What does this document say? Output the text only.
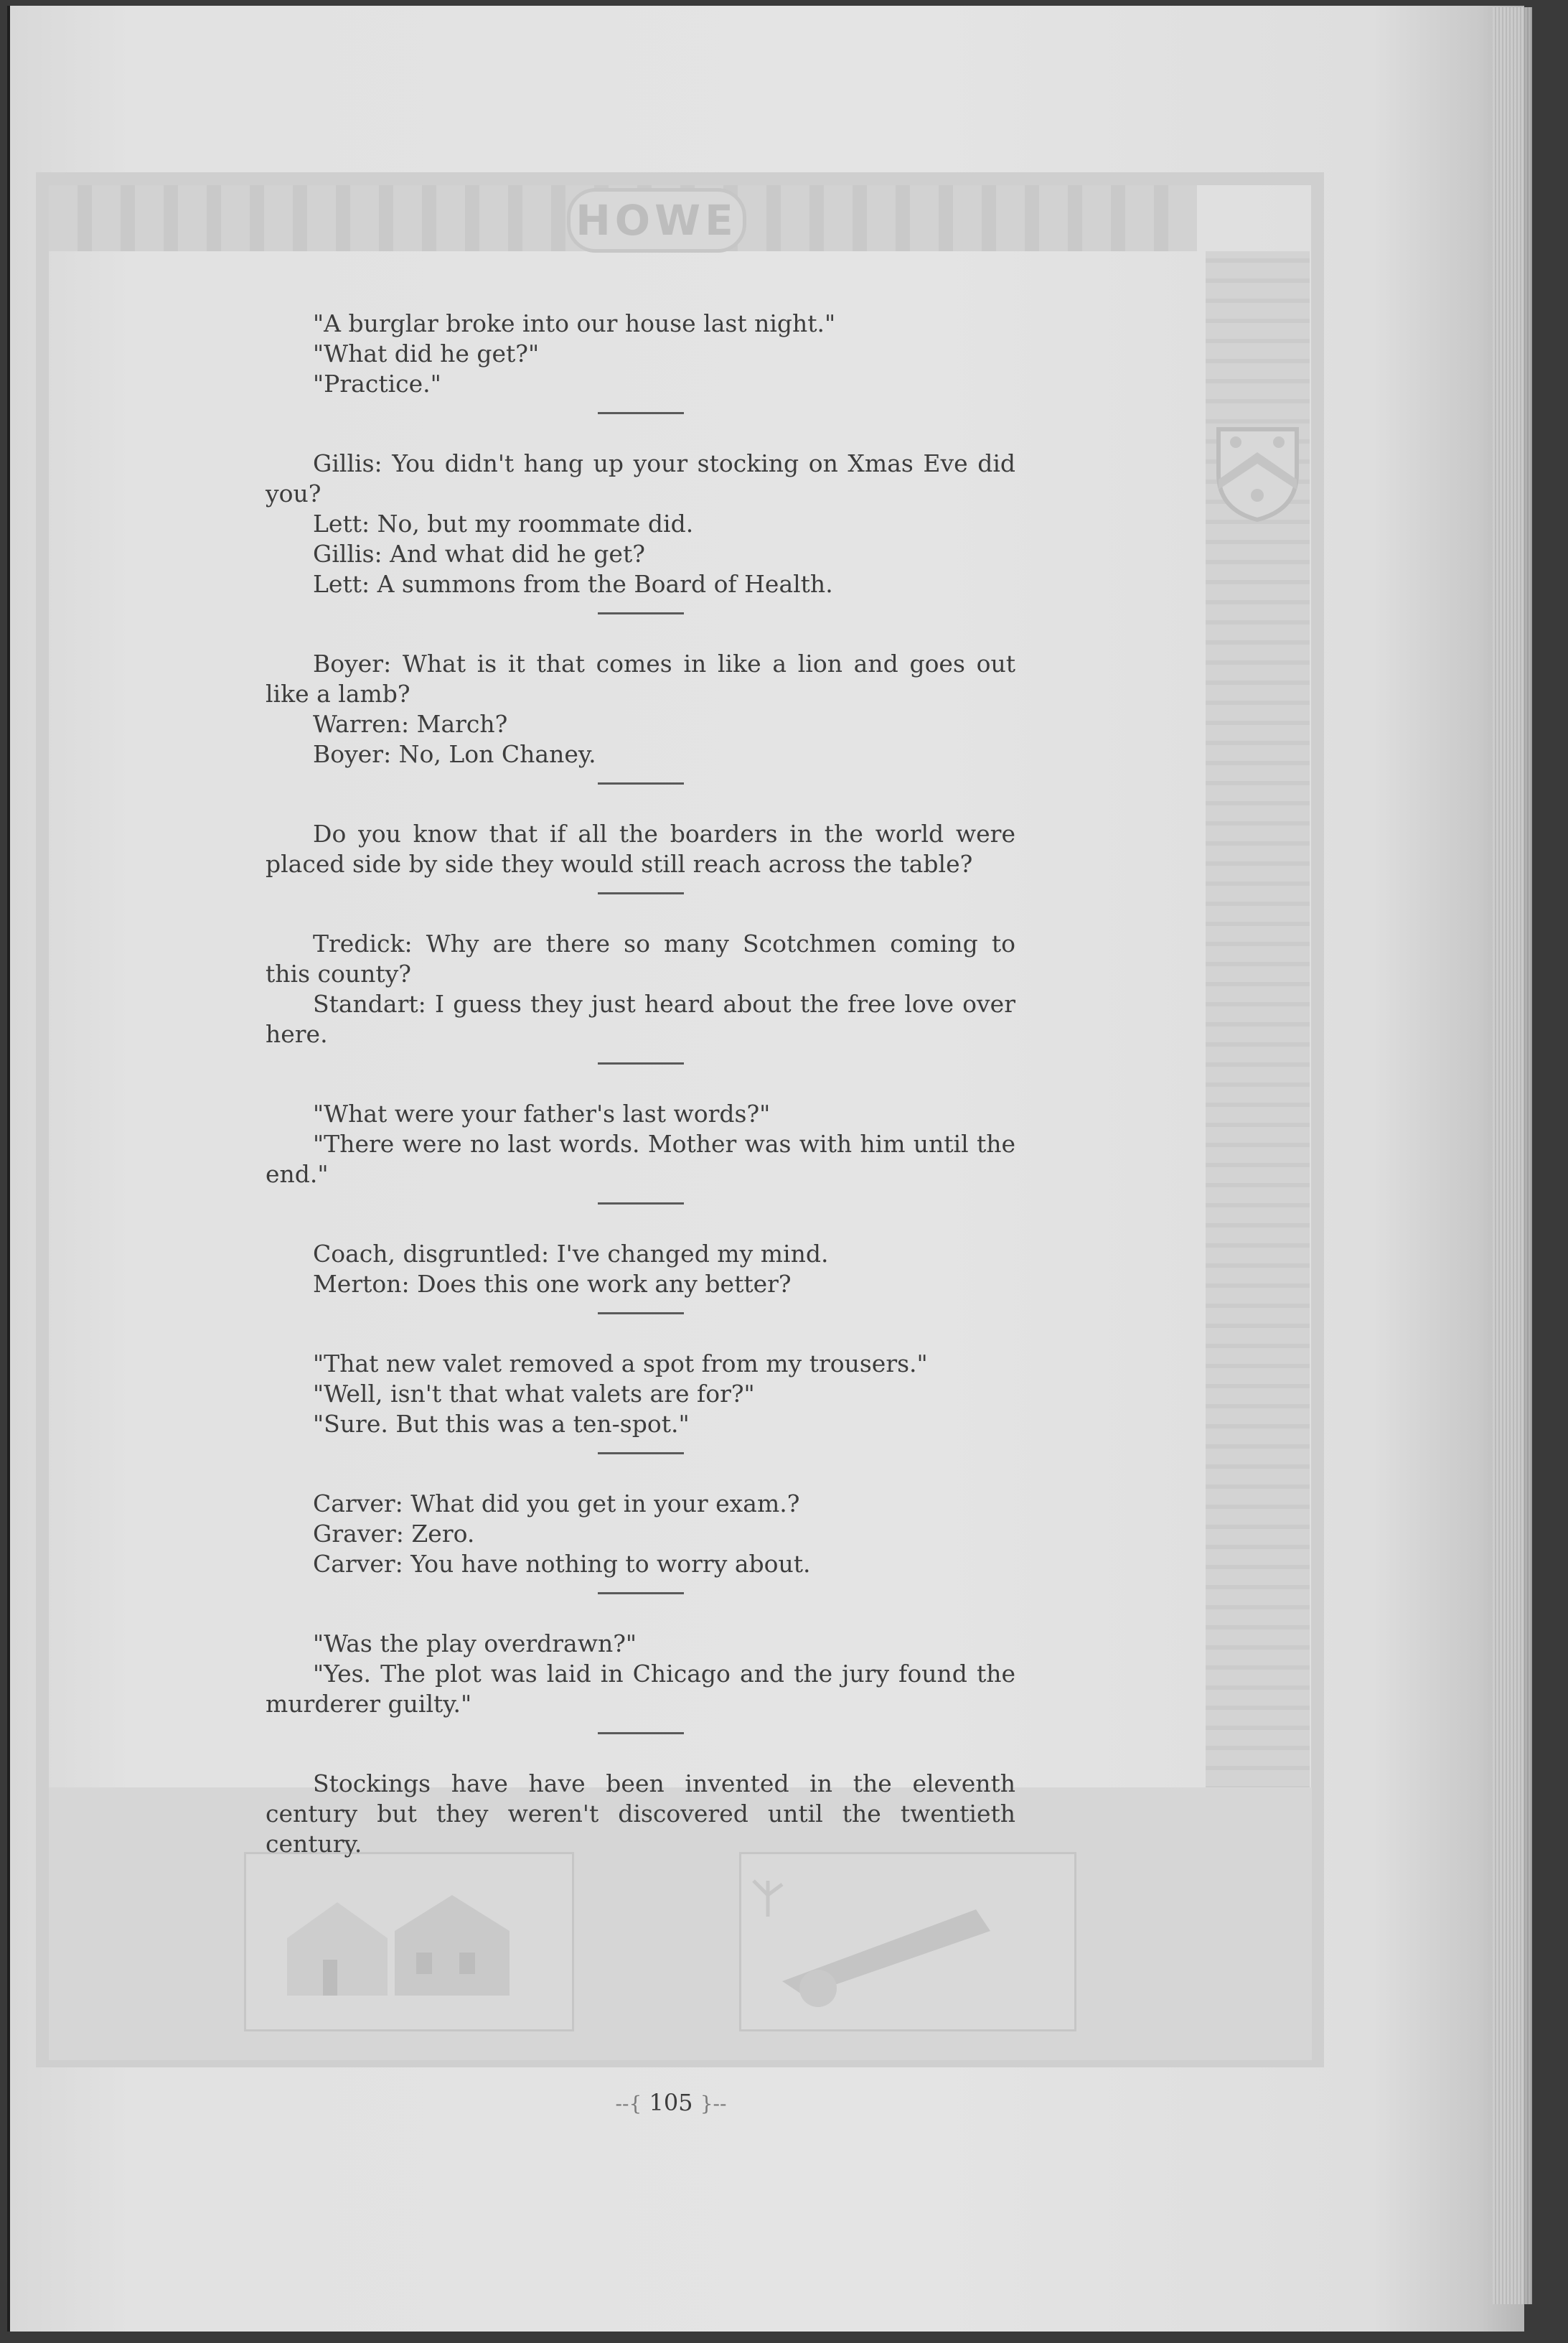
HOWE

"A burglar broke into our house last night."

"What did he get?"

"Practice."

Gillis: You didn't hang up your stocking on Xmas Eve did you?

Lett: No, but my roommate did.

Gillis: And what did he get?

Lett: A summons from the Board of Health.

Boyer: What is it that comes in like a lion and goes out like a lamb?

Warren: March?

Boyer: No, Lon Chaney.

Do you know that if all the boarders in the world were placed side by side they would still reach across the table?

Tredick: Why are there so many Scotchmen coming to this county?

Standart: I guess they just heard about the free love over here.

"What were your father's last words?"

"There were no last words. Mother was with him until the end."

Coach, disgruntled: I've changed my mind.

Merton: Does this one work any better?

"That new valet removed a spot from my trousers."

"Well, isn't that what valets are for?"

"Sure. But this was a ten-spot."

Carver: What did you get in your exam.?

Graver: Zero.

Carver: You have nothing to worry about.

"Was the play overdrawn?"

"Yes. The plot was laid in Chicago and the jury found the murderer guilty."

Stockings have have been invented in the eleventh century but they weren't discovered until the twentieth century.

--{ 105 }--
